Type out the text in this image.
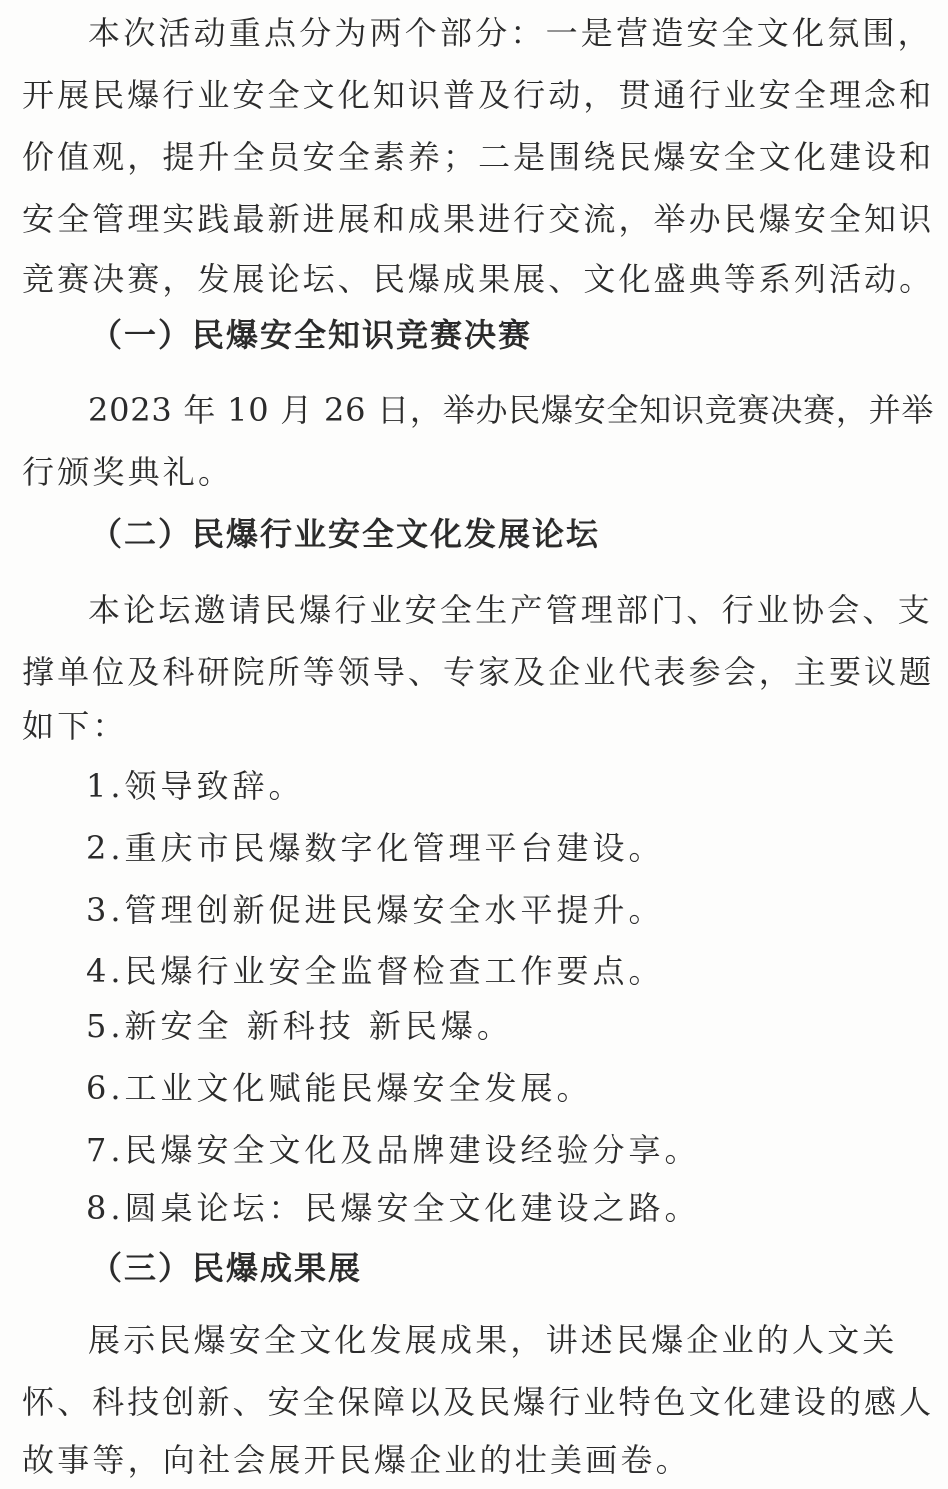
本次活动重点分为两个部分：一是营造安全文化氛围，
开展民爆行业安全文化知识普及行动，贯通行业安全理念和
价值观，提升全员安全素养；二是围绕民爆安全文化建设和
安全管理实践最新进展和成果进行交流，举办民爆安全知识
竞赛决赛，发展论坛、民爆成果展、文化盛典等系列活动。
（一）民爆安全知识竞赛决赛
2023 年 10 月 26 日，举办民爆安全知识竞赛决赛，并举
行颁奖典礼。
（二）民爆行业安全文化发展论坛
本论坛邀请民爆行业安全生产管理部门、行业协会、支
撑单位及科研院所等领导、专家及企业代表参会，主要议题
如下：
1.领导致辞。
2.重庆市民爆数字化管理平台建设。
3.管理创新促进民爆安全水平提升。
4.民爆行业安全监督检查工作要点。
5.新安全 新科技 新民爆。
6.工业文化赋能民爆安全发展。
7.民爆安全文化及品牌建设经验分享。
8.圆桌论坛：民爆安全文化建设之路。
（三）民爆成果展
展示民爆安全文化发展成果，讲述民爆企业的人文关
怀、科技创新、安全保障以及民爆行业特色文化建设的感人
故事等，向社会展开民爆企业的壮美画卷。
